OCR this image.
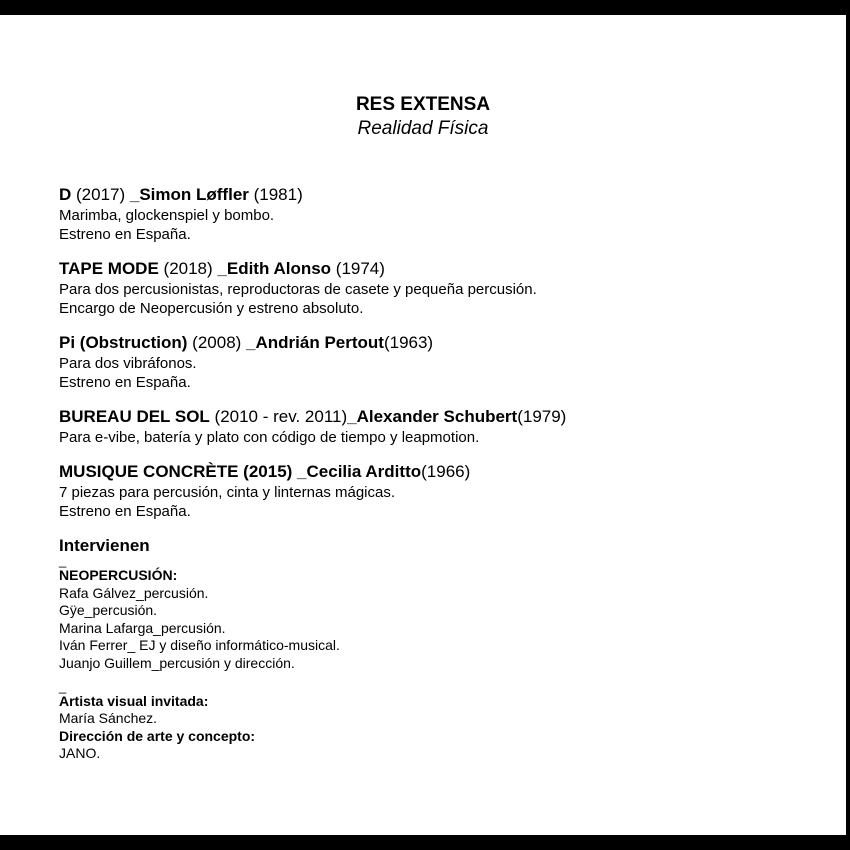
RES EXTENSA
Realidad Física
D (2017) _Simon Løffler (1981)
Marimba, glockenspiel y bombo.
Estreno en España.
TAPE MODE (2018) _Edith Alonso (1974)
Para dos percusionistas, reproductoras de casete y pequeña percusión.
Encargo de Neopercusión y estreno absoluto.
Pi (Obstruction) (2008) _Andrián Pertout(1963)
Para dos vibráfonos.
Estreno en España.
BUREAU DEL SOL (2010 - rev. 2011)_Alexander Schubert(1979)
Para e-vibe, batería y plato con código de tiempo y leapmotion.
MUSIQUE CONCRÈTE (2015) _Cecilia Arditto(1966)
7 piezas para percusión, cinta y linternas mágicas.
Estreno en España.
Intervienen
_
NEOPERCUSIÓN:
Rafa Gálvez_percusión.
Gÿe_percusión.
Marina Lafarga_percusión.
Iván Ferrer_ EJ y diseño informático-musical.
Juanjo Guillem_percusión y dirección.
_
Artista visual invitada:
María Sánchez.
Dirección de arte y concepto:
JANO.
